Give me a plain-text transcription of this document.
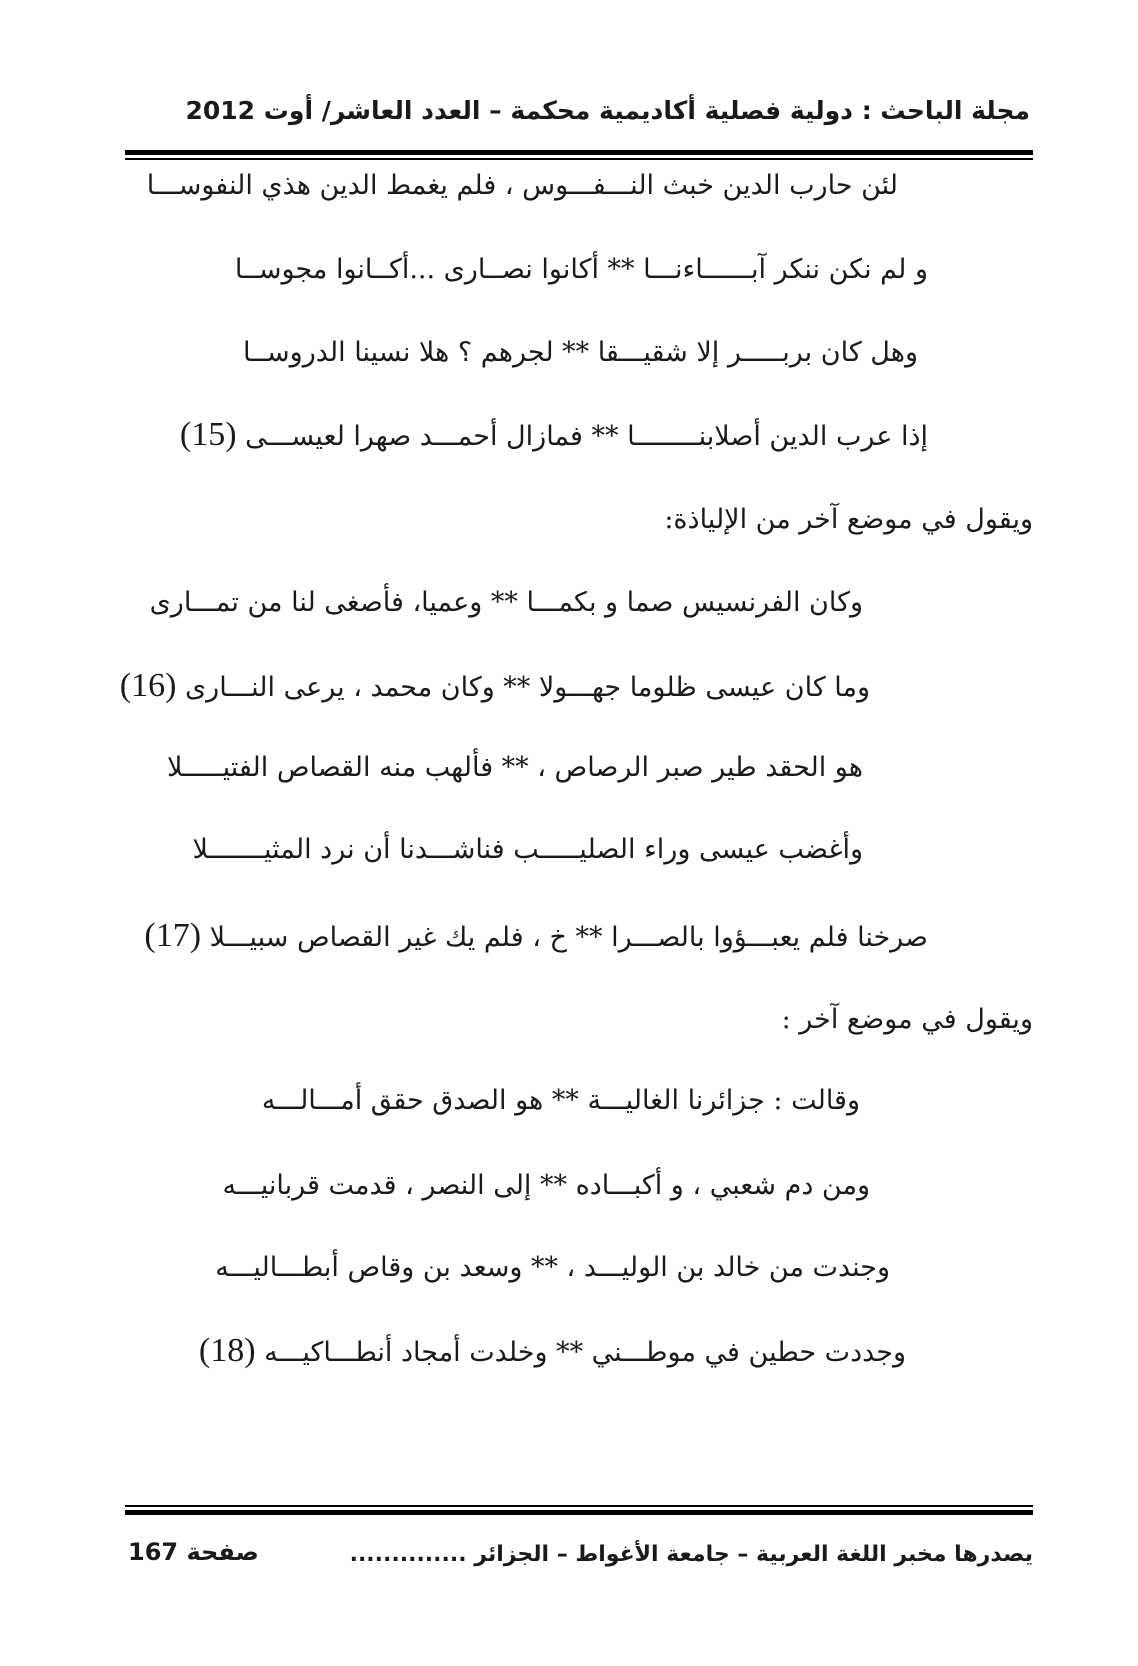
مجلة الباحث : دولية فصلية أكاديمية محكمة – العدد العاشر/ أوت 2012
لئن حارب الدين خبث النـــفـــوس ، فلم يغمط الدين هذي النفوســـا
و لم نكن ننكر آبــــــاءنـــا ** أكانوا نصــارى ...أكــانوا مجوســا
وهل كان بربـــــر إلا شقيـــقا ** لجرهم ؟ هلا نسينا الدروســا
إذا عرب الدين أصلابنــــــــا ** فمازال أحمـــد صهرا لعيســـى (15)
ويقول في موضع آخر من الإلياذة:
وكان الفرنسيس صما و بكمـــا ** وعميا، فأصغى لنا من تمـــارى
وما كان عيسى ظلوما جهـــولا ** وكان محمد ، يرعى النـــارى (16)
هو الحقد طير صبر الرصاص ، ** فألهب منه القصاص الفتيـــــلا
وأغضب عيسى وراء الصليـــــب فناشـــدنا أن نرد المثيـــــــلا
صرخنا فلم يعبـــؤوا بالصـــرا ** خ ، فلم يك غير القصاص سبيـــلا (17)
ويقول في موضع آخر :
وقالت : جزائرنا الغاليـــة ** هو الصدق حقق أمـــالـــه
ومن دم شعبي ، و أكبـــاده ** إلى النصر ، قدمت قربانيـــه
وجندت من خالد بن الوليـــد ، ** وسعد بن وقاص أبطـــاليـــه
وجددت حطين في موطـــني ** وخلدت أمجاد أنطـــاكيـــه (18)
يصدرها مخبر اللغة العربية – جامعة الأغواط – الجزائر ..............
صفحة 167
